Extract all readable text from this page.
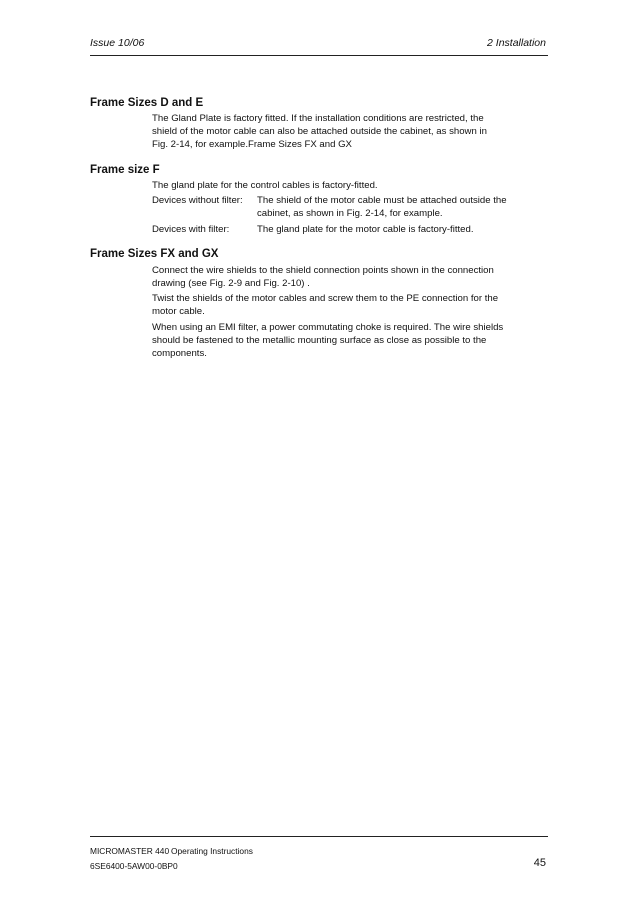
Issue 10/06	2 Installation
Frame Sizes D and E
The Gland Plate is factory fitted. If the installation conditions are restricted, the
shield of the motor cable can also be attached outside the cabinet, as shown in
Fig. 2-14, for example.Frame Sizes FX and GX
Frame size F
The gland plate for the control cables is factory-fitted.
Devices without filter: The shield of the motor cable must be attached outside the
cabinet, as shown in Fig. 2-14, for example.
Devices with filter:	The gland plate for the motor cable is factory-fitted.
Frame Sizes FX and GX
Connect the wire shields to the shield connection points shown in the connection
drawing (see Fig. 2-9 and Fig. 2-10) .
Twist the shields of the motor cables and screw them to the PE connection for the
motor cable.
When using an EMI filter, a power commutating choke is required. The wire shields
should be fastened to the metallic mounting surface as close as possible to the
components.
MICROMASTER 440 Operating Instructions
6SE6400-5AW00-0BP0	45
